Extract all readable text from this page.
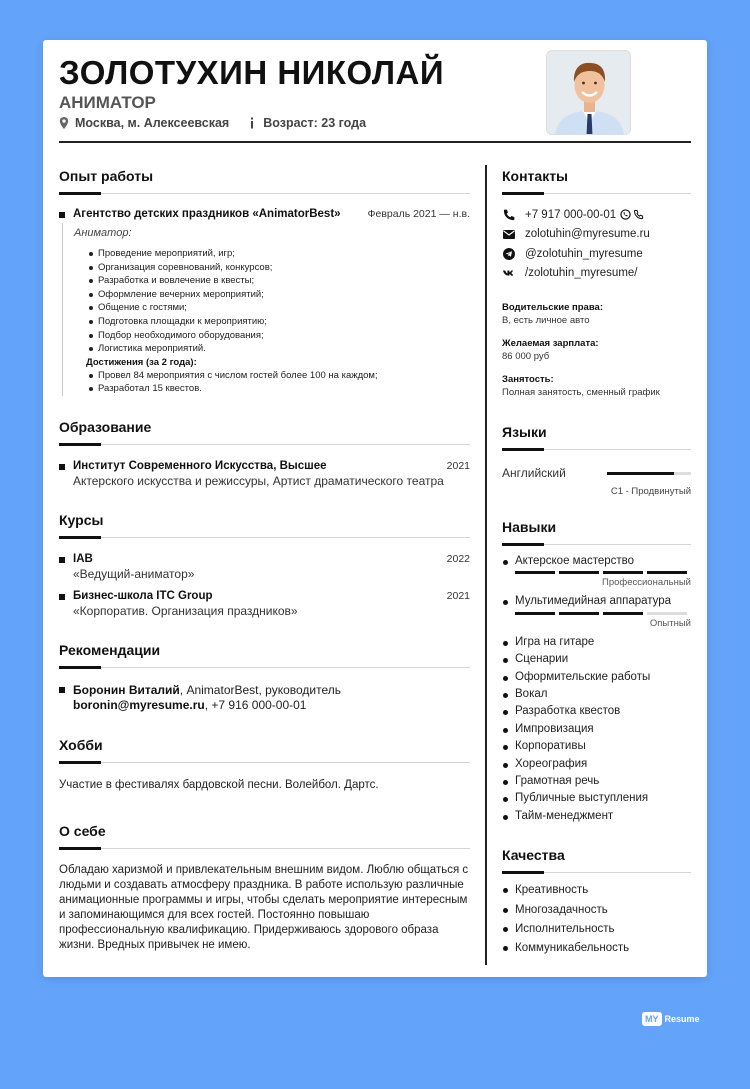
ЗОЛОТУХИН НИКОЛАЙ
АНИМАТОР
Москва, м. Алексеевская	Возраст: 23 года
Опыт работы
Агентство детских праздников «AnimatorBest»	Февраль 2021 — н.в.
Аниматор:
Проведение мероприятий, игр;
Организация соревнований, конкурсов;
Разработка и вовлечение в квесты;
Оформление вечерних мероприятий;
Общение с гостями;
Подготовка площадки к мероприятию;
Подбор необходимого оборудования;
Логистика мероприятий.
Достижения (за 2 года):
Провел 84 мероприятия с числом гостей более 100 на каждом;
Разработал 15 квестов.
Образование
Институт Современного Искусства, Высшее	2021
Актерского искусства и режиссуры, Артист драматического театра
Курсы
IAB	2022
«Ведущий-аниматор»
Бизнес-школа ITC Group	2021
«Корпоратив. Организация праздников»
Рекомендации
Боронин Виталий, AnimatorBest, руководитель
boronin@myresume.ru, +7 916 000-00-01
Хобби
Участие в фестивалях бардовской песни. Волейбол. Дартс.
О себе
Обладаю харизмой и привлекательным внешним видом. Люблю общаться с людьми и создавать атмосферу праздника. В работе использую различные анимационные программы и игры, чтобы сделать мероприятие интересным и запоминающимся для всех гостей. Постоянно повышаю профессиональную квалификацию. Придерживаюсь здорового образа жизни. Вредных привычек не имею.
Контакты
+7 917 000-00-01
zolotuhin@myresume.ru
@zolotuhin_myresume
/zolotuhin_myresume/
Водительские права:
B, есть личное авто
Желаемая зарплата:
86 000 руб
Занятость:
Полная занятость, сменный график
Языки
Английский
C1 - Продвинутый
Навыки
Актерское мастерство
Профессиональный
Мультимедийная аппаратура
Опытный
Игра на гитаре
Сценарии
Оформительские работы
Вокал
Разработка квестов
Импровизация
Корпоративы
Хореография
Грамотная речь
Публичные выступления
Тайм-менеджмент
Качества
Креативность
Многозадачность
Исполнительность
Коммуникабельность
MY Resume
